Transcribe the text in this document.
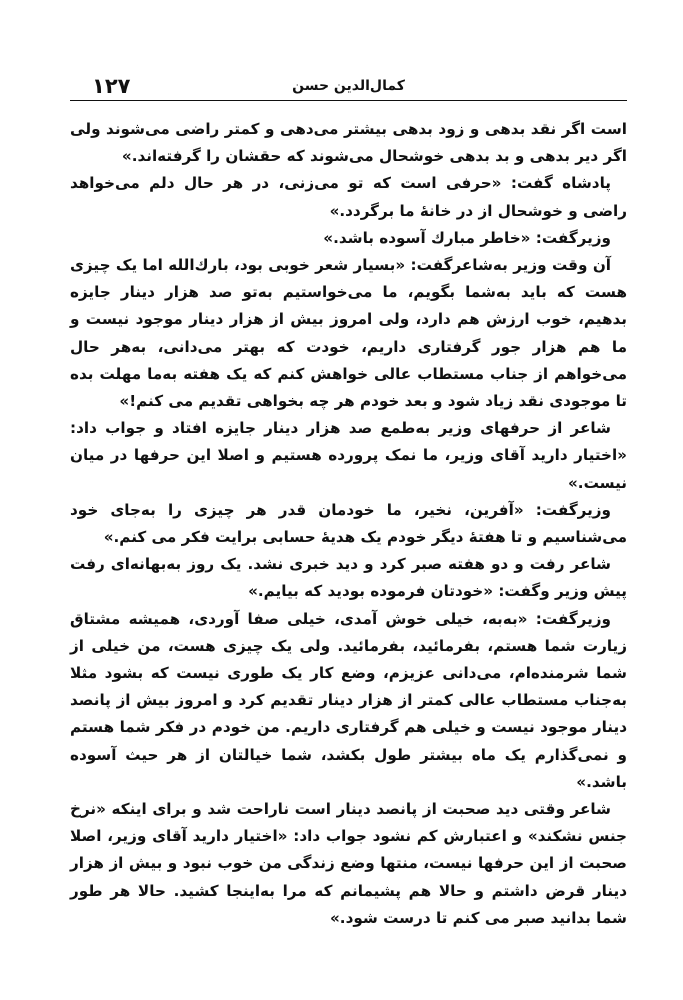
۱۲۷	کمال‌الدین حسن

است اگر نقد بدهی و زود بدهی بیشتر می‌دهی و کمتر راضی می‌شوند ولی اگر دیر بدهی و بد بدهی خوشحال می‌شوند که حقشان را گرفته‌اند.»

پادشاه گفت: «حرفی است که تو می‌زنی، در هر حال دلم می‌خواهد راضی و خوشحال از در خانهٔ ما برگردد.»

وزیرگفت: «خاطر مبارك آسوده باشد.»

آن وقت وزیر به‌شاعرگفت: «بسیار شعر خوبی بود، بارك‌الله اما یک چیزی هست که باید به‌شما بگویم، ما می‌خواستیم به‌تو صد هزار دینار جایزه بدهیم، خوب ارزش هم دارد، ولی امروز بیش از هزار دینار موجود نیست و ما هم هزار جور گرفتاری داریم، خودت که بهتر می‌دانی، به‌هر حال می‌خواهم از جناب مستطاب عالی خواهش کنم که یک هفته به‌ما مهلت بده تا موجودی نقد زیاد شود و بعد خودم هر چه بخواهی تقدیم می کنم!»

شاعر از حرفهای وزیر به‌طمع صد هزار دینار جایزه افتاد و جواب داد: «اختیار دارید آقای وزیر، ما نمک پرورده هستیم و اصلا این حرفها در میان نیست.»

وزیرگفت: «آفرین، نخیر، ما خودمان قدر هر چیزی را به‌جای خود می‌شناسیم و تا هفتهٔ دیگر خودم یک هدیهٔ حسابی برایت فکر می کنم.»

شاعر رفت و دو هفته صبر کرد و دید خبری نشد. یک روز به‌بهانه‌ای رفت پیش وزیر وگفت: «خودتان فرموده بودید که بیایم.»

وزیرگفت: «به‌به، خیلی خوش آمدی، خیلی صفا آوردی، همیشه مشتاق زیارت شما هستم، بفرمائید، بفرمائید. ولی یک چیزی هست، من خیلی از شما شرمنده‌ام، می‌دانی عزیزم، وضع کار یک طوری نیست که بشود مثلا به‌جناب مستطاب عالی کمتر از هزار دینار تقدیم کرد و امروز بیش از پانصد دینار موجود نیست و خیلی هم گرفتاری داریم. من خودم در فکر شما هستم و نمی‌گذارم یک ماه بیشتر طول بکشد، شما خیالتان از هر حیث آسوده باشد.»

شاعر وقتی دید صحبت از پانصد دینار است ناراحت شد و برای اینکه «نرخ جنس نشکند» و اعتبارش کم نشود جواب داد: «اختیار دارید آقای وزیر، اصلا صحبت از این حرفها نیست، منتها وضع زندگی من خوب نبود و بیش از هزار دینار قرض داشتم و حالا هم پشیمانم که مرا به‌اینجا کشید. حالا هر طور شما بدانید صبر می کنم تا درست شود.»
